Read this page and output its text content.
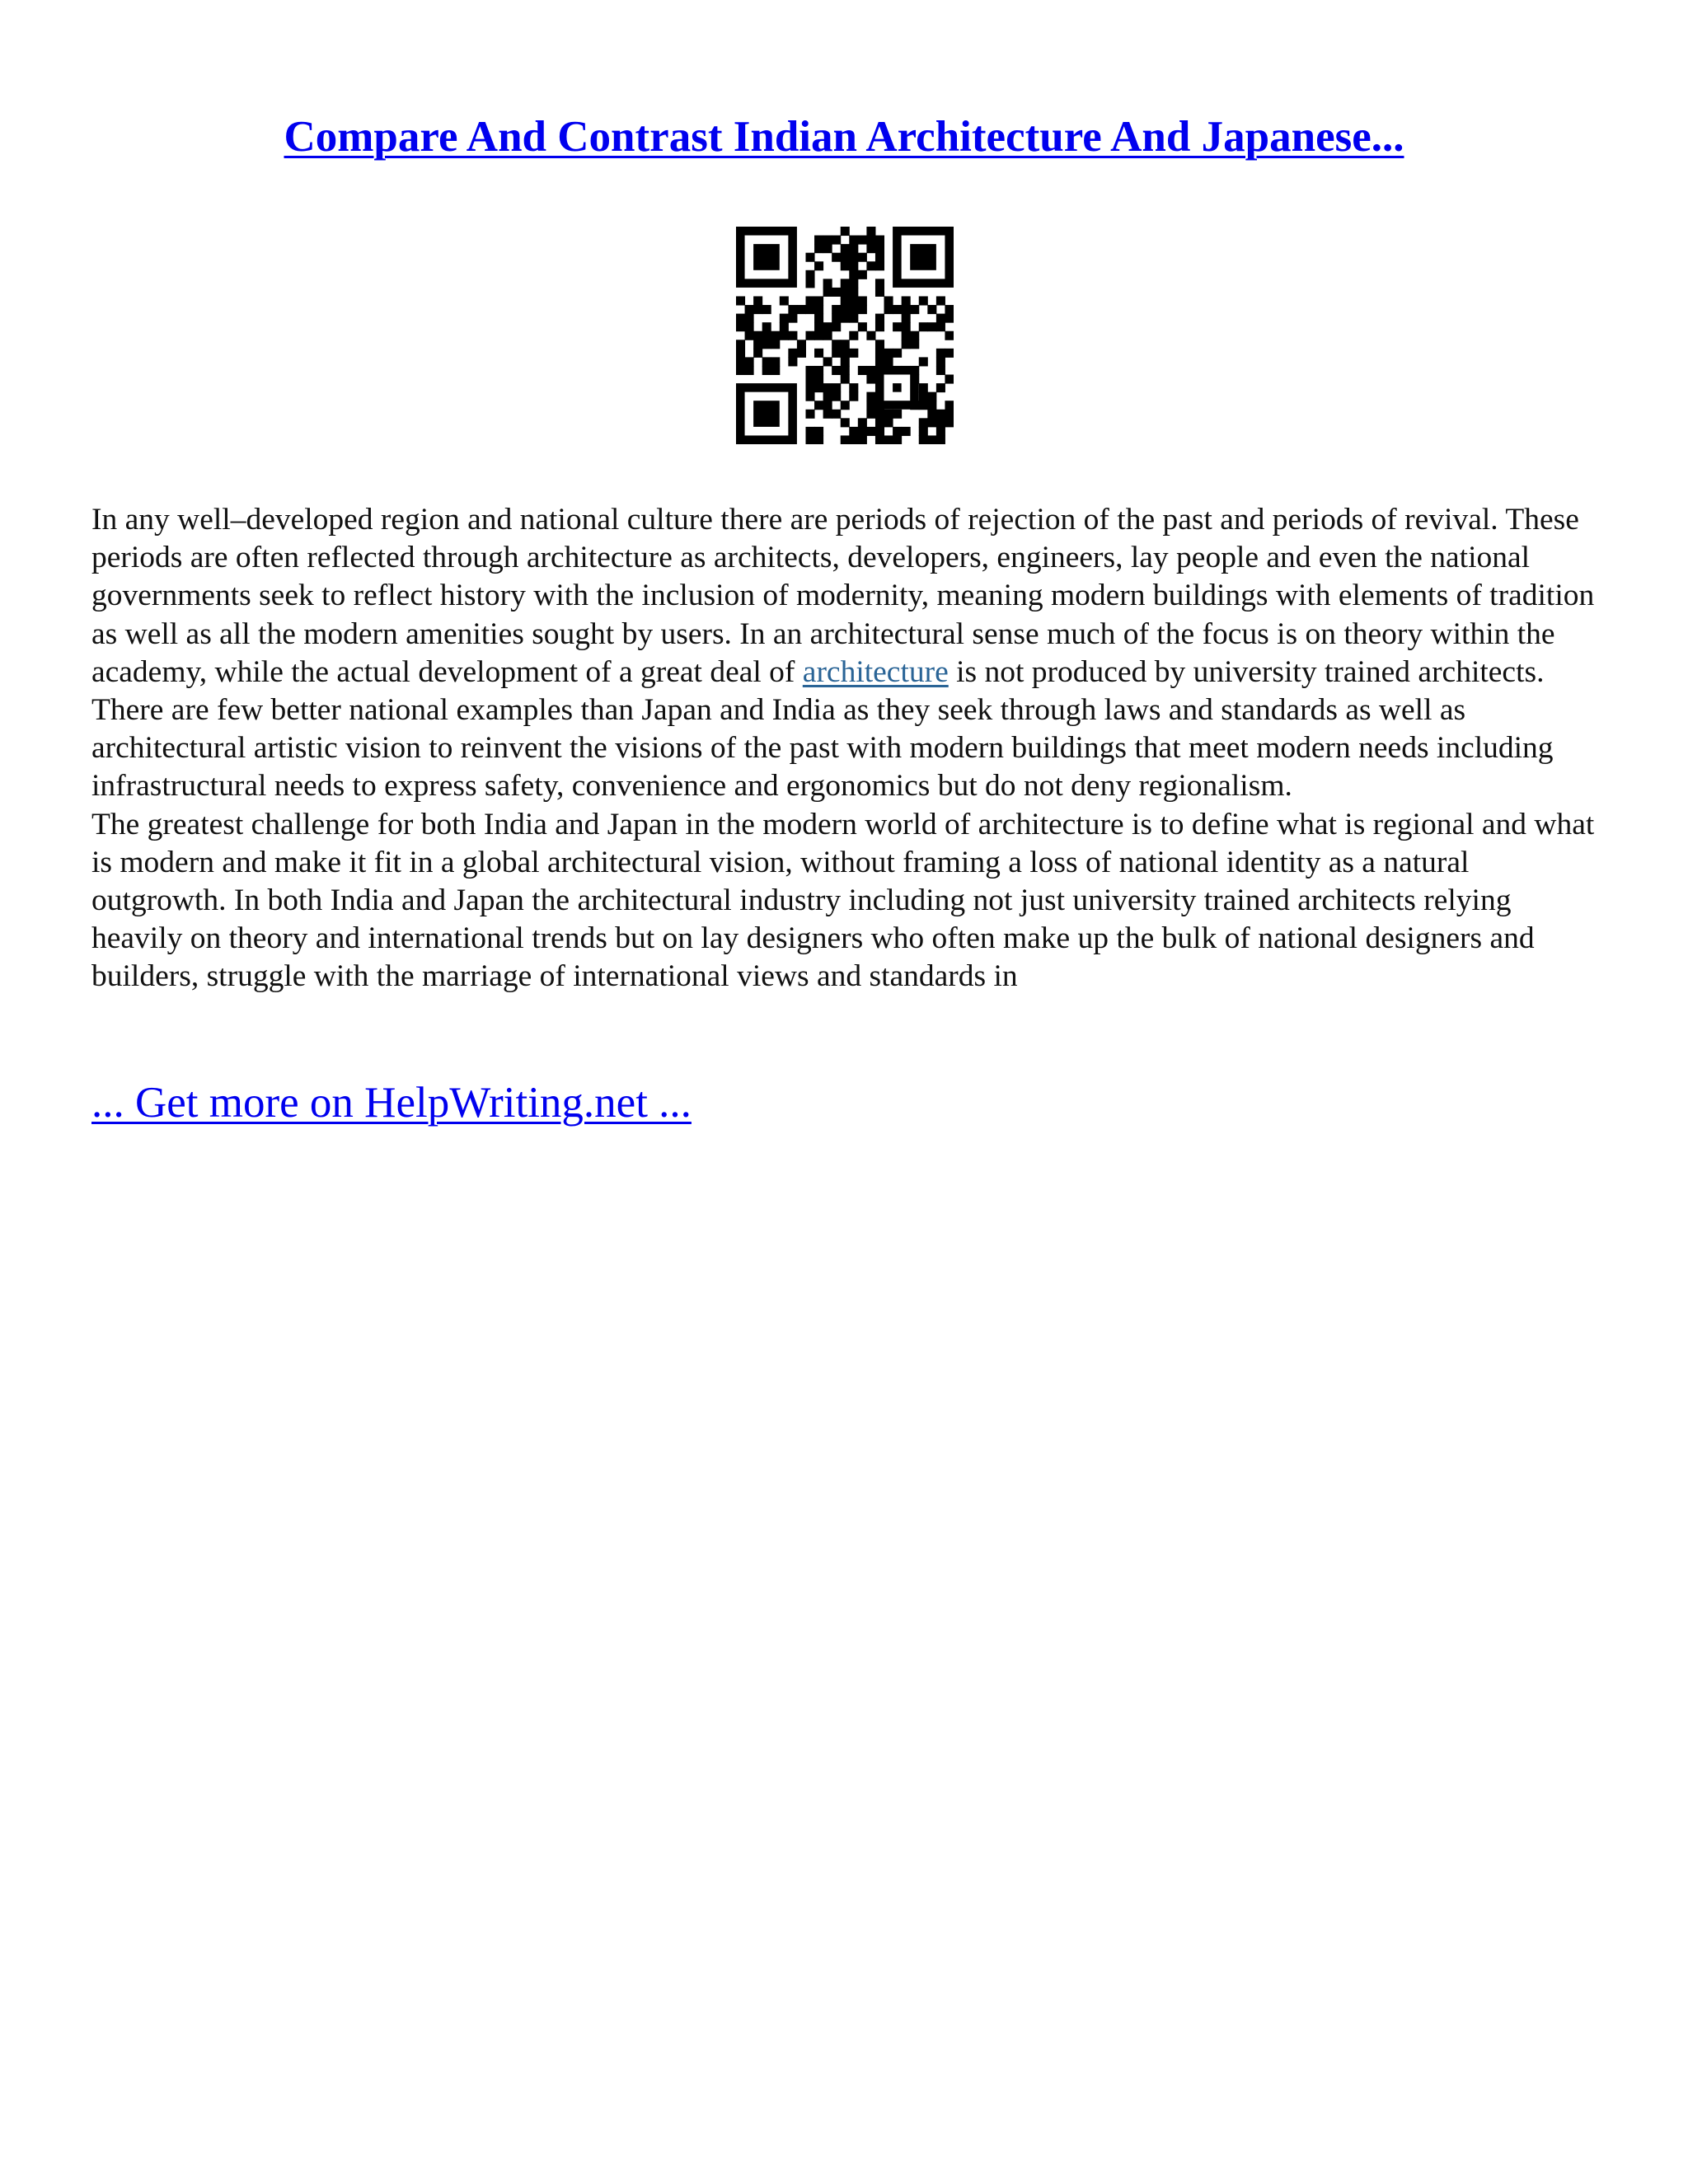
Compare And Contrast Indian Architecture And Japanese...

In any well–developed region and national culture there are periods of rejection of the past and periods of revival. These periods are often reflected through architecture as architects, developers, engineers, lay people and even the national governments seek to reflect history with the inclusion of modernity, meaning modern buildings with elements of tradition as well as all the modern amenities sought by users. In an architectural sense much of the focus is on theory within the academy, while the actual development of a great deal of architecture is not produced by university trained architects. There are few better national examples than Japan and India as they seek through laws and standards as well as architectural artistic vision to reinvent the visions of the past with modern buildings that meet modern needs including infrastructural needs to express safety, convenience and ergonomics but do not deny regionalism.

The greatest challenge for both India and Japan in the modern world of architecture is to define what is regional and what is modern and make it fit in a global architectural vision, without framing a loss of national identity as a natural outgrowth. In both India and Japan the architectural industry including not just university trained architects relying heavily on theory and international trends but on lay designers who often make up the bulk of national designers and builders, struggle with the marriage of international views and standards in

... Get more on HelpWriting.net ...
